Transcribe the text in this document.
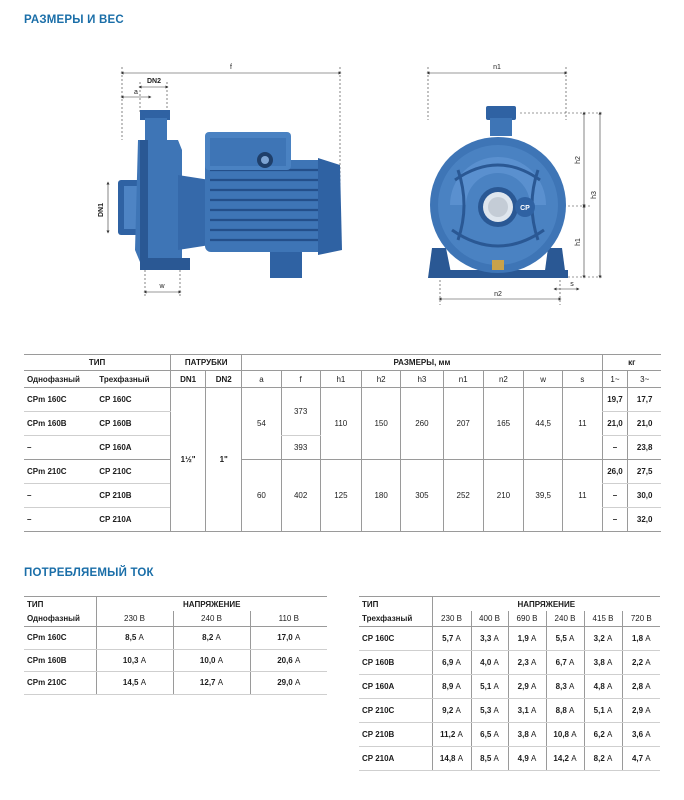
РАЗМЕРЫ И ВЕС
CP
f
DN2
a
DN1
w
n1
h2
h3
h1
n2
s
ТИП		ПАТРУБКИ		РАЗМЕРЫ, мм									кг	
Однофазный	Трехфазный	DN1	DN2	a	f	h1	h2	h3	n1	n2	w	s	1~	3~
CPm 160C	CP 160C	1½"	1"	54	373	110	150	260	207	165	44,5	11	19,7	17,7
CPm 160B	CP 160B												21,0	21,0
–	CP 160A				393								–	23,8
CPm 210C	CP 210C			60	402	125	180	305	252	210	39,5	11	26,0	27,5
–	CP 210B												–	30,0
–	CP 210A												–	32,0
ПОТРЕБЛЯЕМЫЙ ТОК
ТИП	НАПРЯЖЕНИЕ		
Однофазный	230 В	240 В	110 В
CPm 160C	8,5 А	8,2 А	17,0 А
CPm 160B	10,3 А	10,0 А	20,6 А
CPm 210C	14,5 А	12,7 А	29,0 А
ТИП	НАПРЯЖЕНИЕ					
Трехфазный	230 В	400 В	690 В	240 В	415 В	720 В
CP 160C	5,7 А	3,3 А	1,9 А	5,5 А	3,2 А	1,8 А
CP 160B	6,9 А	4,0 А	2,3 А	6,7 А	3,8 А	2,2 А
CP 160A	8,9 А	5,1 А	2,9 А	8,3 А	4,8 А	2,8 А
CP 210C	9,2 А	5,3 А	3,1 А	8,8 А	5,1 А	2,9 А
CP 210B	11,2 А	6,5 А	3,8 А	10,8 А	6,2 А	3,6 А
CP 210A	14,8 А	8,5 А	4,9 А	14,2 А	8,2 А	4,7 А
